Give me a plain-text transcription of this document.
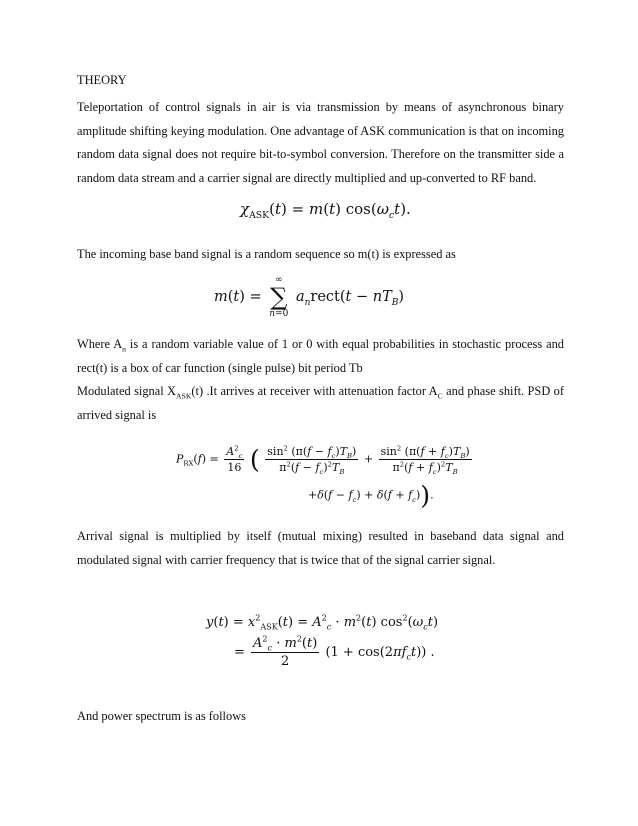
THEORY
Teleportation of control signals in air is via transmission by means of asynchronous binary amplitude shifting keying modulation. One advantage of ASK communication is that on incoming random data signal does not require bit-to-symbol conversion. Therefore on the transmitter side a random data stream and a carrier signal are directly multiplied and up-converted to RF band.
$\chi_{ASK}(t) = m(t)$ $\cos(\omega_ct)$.
The incoming base band signal is a random sequence so m(t) is expressed as
m(t) =
∞
∑
n=0
$a_nrect(t - nT_B)$
Where $A_n$ is a random variable value of 1 or 0 with equal probabilities in stochastic process and rect(t) is a box of car function (single pulse) bit period Tb
Modulated signal $X_{ASK}(t)$ .It arrives at receiver with attenuation factor $A_C$ and phase shift. PSD of arrived signal is
$P_{RX}(f) = \frac{A^2_c}{16}$ ( $\frac{\sin^2 (\pi(f - f_c)T_B)}{\pi^2(f - f_c)^2T_B} + \frac{\sin^2 (\pi(f + f_c)T_B)}{\pi^2(f + f_c)^2T_B}$
$+\delta(f - f_c) + \delta(f + f_c)$).
Arrival signal is multiplied by itself (mutual mixing) resulted in baseband data signal and modulated signal with carrier frequency that is twice that of the signal carrier signal.
$y(t) = x^2_{ASK}(t) = A^2_c \cdot m^2(t)$ $\cos^2(\omega_ct)$
= $\frac{A^2_c \cdot m^2(t)}{2} (1 + \cos(2\pi f_ct))$ .
And power spectrum is as follows
